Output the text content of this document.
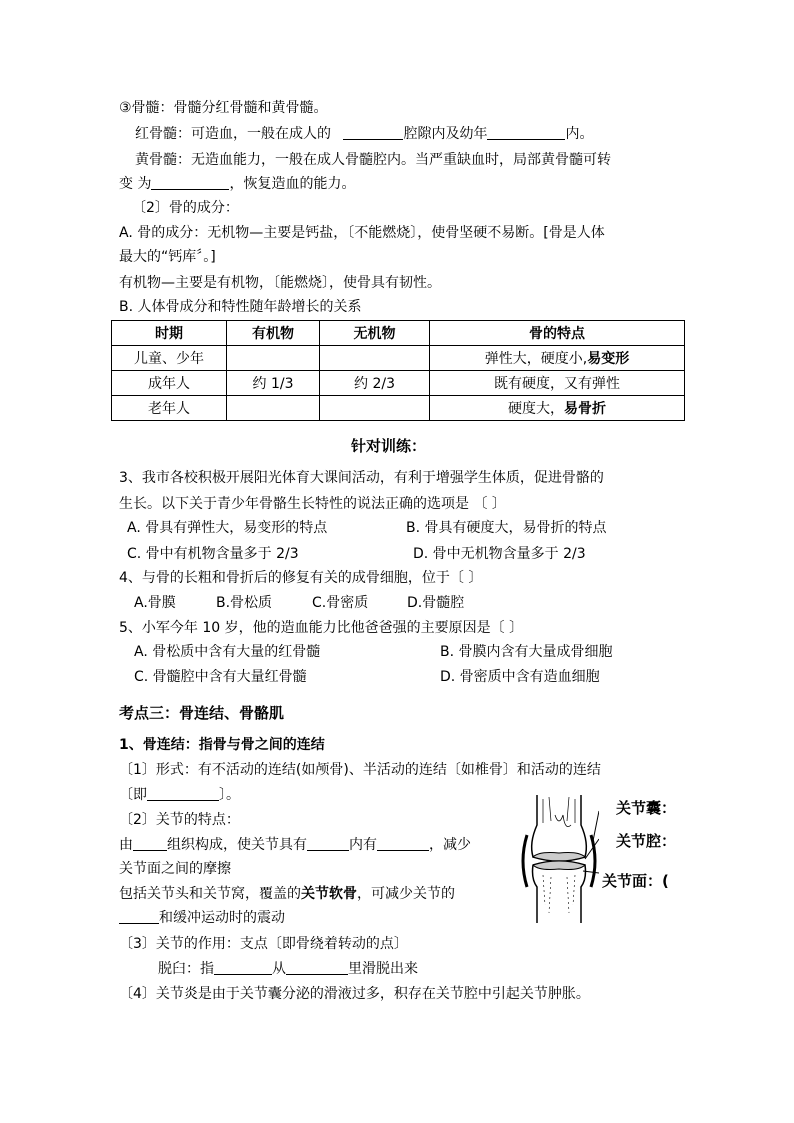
③骨髓：骨髓分红骨髓和黄骨髓。
红骨髓：可造血，一般在成人的	腔隙内及幼年	内。
黄骨髓：无造血能力，一般在成人骨髓腔内。当严重缺血时，局部黄骨髓可转
变 为	，恢复造血的能力。
〔2〕骨的成分：
A. 骨的成分：无机物—主要是钙盐，〔不能燃烧〕，使骨坚硬不易断。[骨是人体
最大的“钙库〞。]
有机物—主要是有机物，〔能燃烧〕，使骨具有韧性。
B. 人体骨成分和特性随年龄增长的关系
时期	有机物	无机物	骨的特点
儿童、少年			弹性大，硬度小,易变形
成年人	约 1/3	约 2/3	既有硬度，又有弹性
老年人			硬度大，易骨折
针对训练：
3、我市各校积极开展阳光体育大课间活动，有利于增强学生体质，促进骨骼的
生长。以下关于青少年骨骼生长特性的说法正确的选项是 〔 〕
A. 骨具有弹性大，易变形的特点	B. 骨具有硬度大，易骨折的特点
C. 骨中有机物含量多于 2/3	D. 骨中无机物含量多于 2/3
4、与骨的长粗和骨折后的修复有关的成骨细胞，位于〔 〕
A.骨膜	B.骨松质	C.骨密质	D.骨髓腔
5、小军今年 10 岁，他的造血能力比他爸爸强的主要原因是〔 〕
A. 骨松质中含有大量的红骨髓	B. 骨膜内含有大量成骨细胞
C. 骨髓腔中含有大量红骨髓	D. 骨密质中含有造血细胞
考点三：骨连结、骨骼肌
1、骨连结：指骨与骨之间的连结
〔1〕形式：有不活动的连结(如颅骨)、半活动的连结〔如椎骨〕和活动的连结
〔即	〕。
〔2〕关节的特点：
由 组织构成，使关节具有	内有	，减少
关节面之间的摩擦
包括关节头和关节窝，覆盖的关节软骨，可减少关节的
和缓冲运动时的震动
〔3〕关节的作用：支点〔即骨绕着转动的点〕
脱臼：指	从	里滑脱出来
〔4〕关节炎是由于关节囊分泌的滑液过多，积存在关节腔中引起关节肿胀。
关节囊：
关节腔：
关节面：(
